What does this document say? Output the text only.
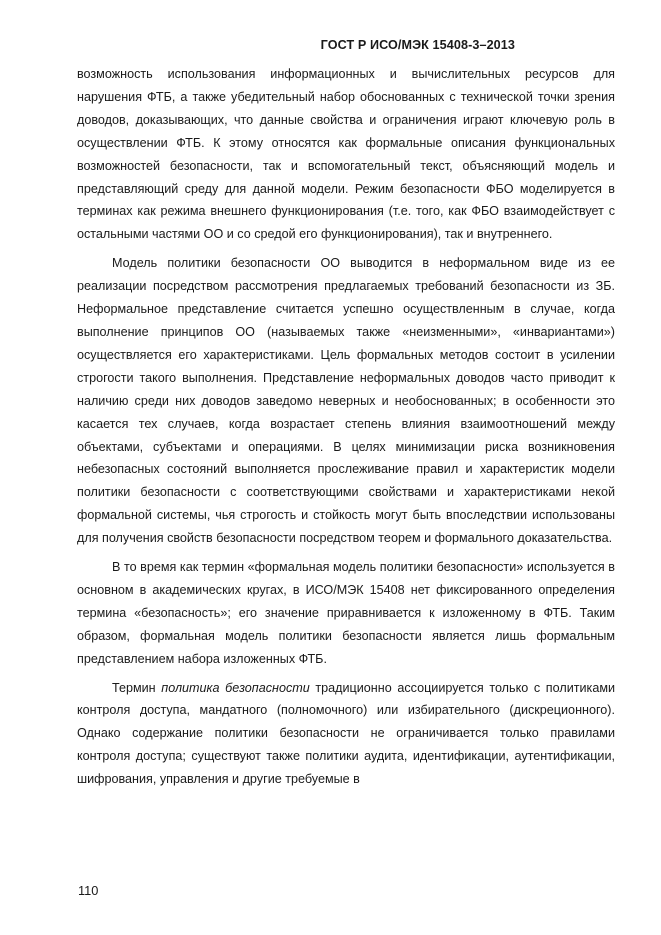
ГОСТ Р ИСО/МЭК 15408-3–2013

возможность использования информационных и вычислительных ресурсов для нарушения ФТБ, а также убедительный набор обоснованных с технической точки зрения доводов, доказывающих, что данные свойства и ограничения играют ключевую роль в осуществлении ФТБ. К этому относятся как формальные описания функциональных возможностей безопасности, так и вспомогательный текст, объясняющий модель и представляющий среду для данной модели. Режим безопасности ФБО моделируется в терминах как режима внешнего функционирования (т.е. того, как ФБО взаимодействует с остальными частями ОО и со средой его функционирования), так и внутреннего.

Модель политики безопасности ОО выводится в неформальном виде из ее реализации посредством рассмотрения предлагаемых требований безопасности из ЗБ. Неформальное представление считается успешно осуществленным в случае, когда выполнение принципов ОО (называемых также «неизменными», «инвариантами») осуществляется его характеристиками. Цель формальных методов состоит в усилении строгости такого выполнения. Представление неформальных доводов часто приводит к наличию среди них доводов заведомо неверных и необоснованных; в особенности это касается тех случаев, когда возрастает степень влияния взаимоотношений между объектами, субъектами и операциями. В целях минимизации риска возникновения небезопасных состояний выполняется прослеживание правил и характеристик модели политики безопасности с соответствующими свойствами и характеристиками некой формальной системы, чья строгость и стойкость могут быть впоследствии использованы для получения свойств безопасности посредством теорем и формального доказательства.

В то время как термин «формальная модель политики безопасности» используется в основном в академических кругах, в ИСО/МЭК 15408 нет фиксированного определения термина «безопасность»; его значение приравнивается к изложенному в ФТБ. Таким образом, формальная модель политики безопасности является лишь формальным представлением набора изложенных ФТБ.

Термин политика безопасности традиционно ассоциируется только с политиками контроля доступа, мандатного (полномочного) или избирательного (дискреционного). Однако содержание политики безопасности не ограничивается только правилами контроля доступа; существуют также политики аудита, идентификации, аутентификации, шифрования, управления и другие требуемые в

110
